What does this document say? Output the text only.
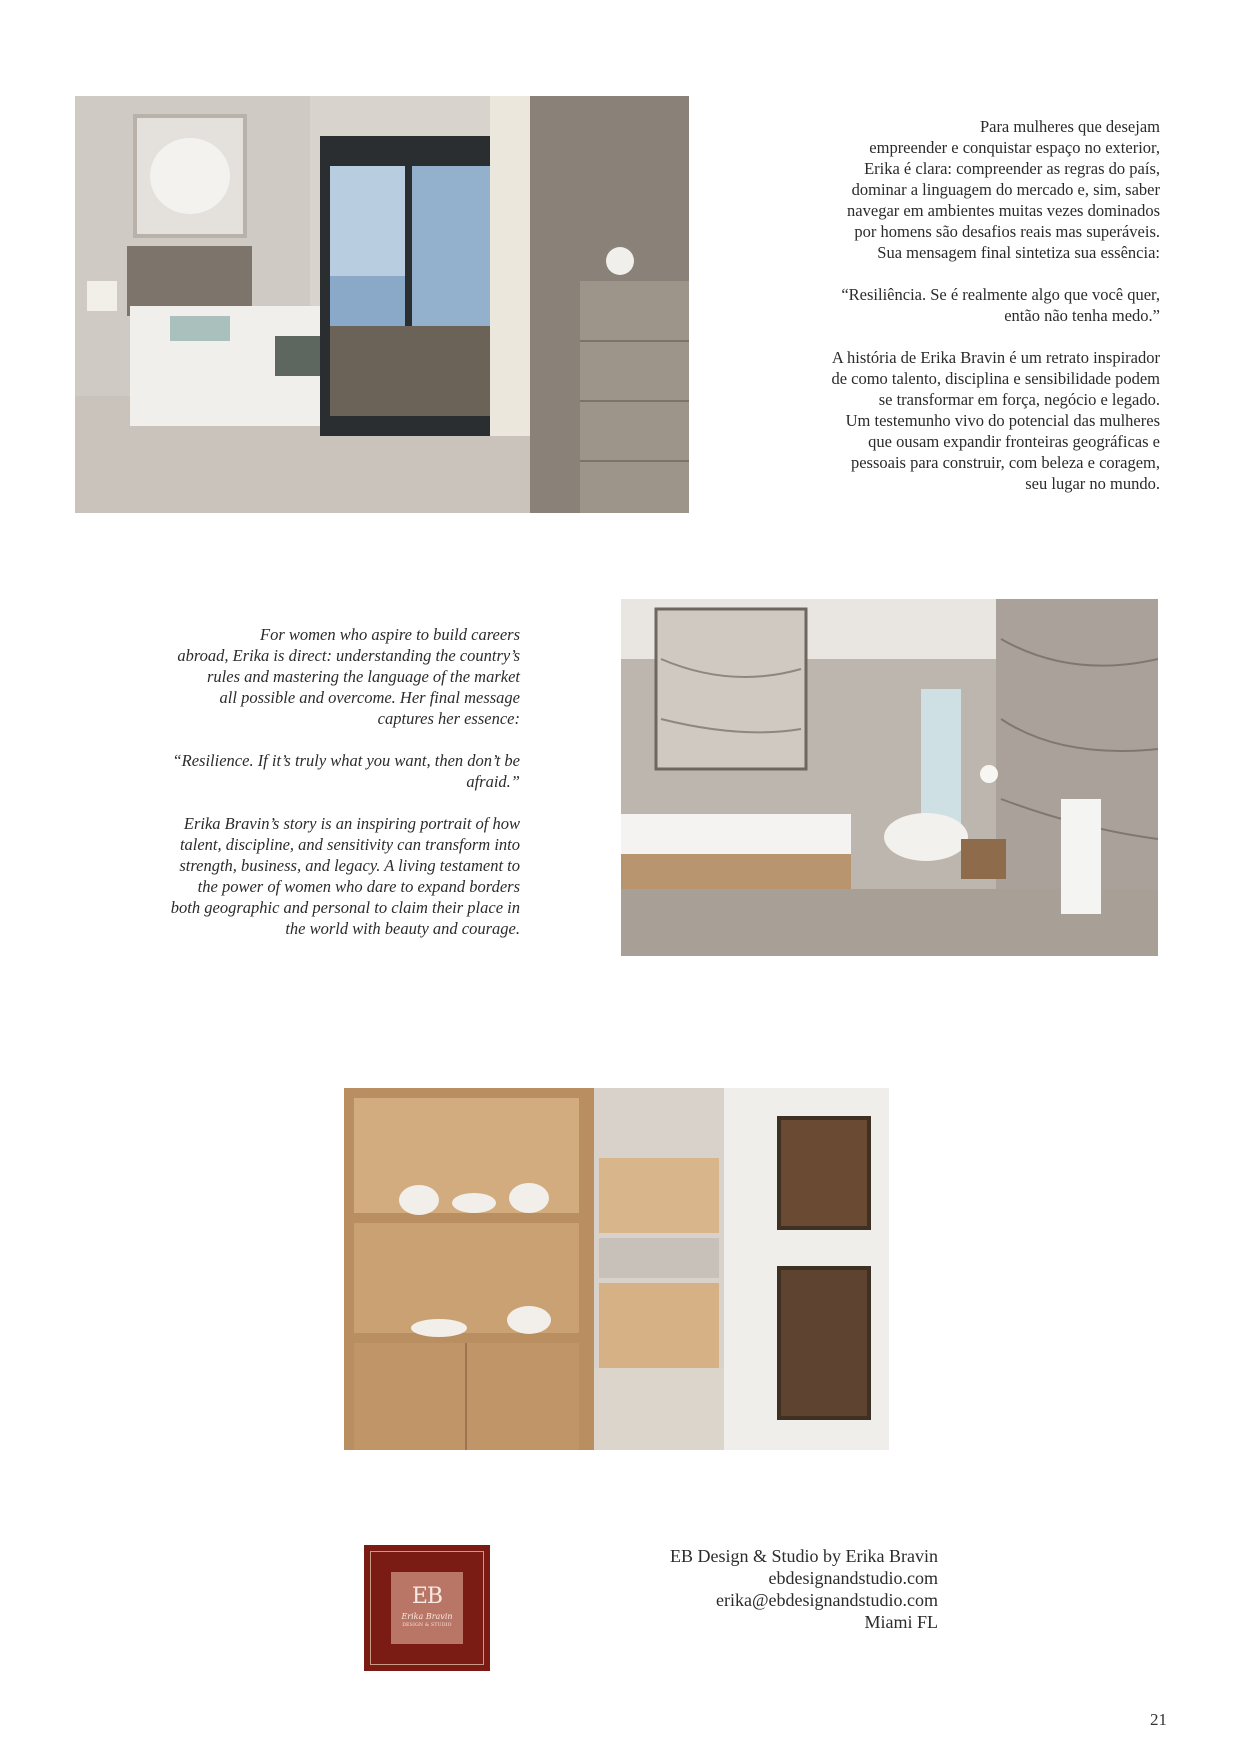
Para mulheres que desejam
empreender e conquistar espaço no exterior,
Erika é clara: compreender as regras do país,
dominar a linguagem do mercado e, sim, saber
navegar em ambientes muitas vezes dominados
por homens são desafios reais mas superáveis.
Sua mensagem final sintetiza sua essência:

“Resiliência. Se é realmente algo que você quer,
então não tenha medo.”

A história de Erika Bravin é um retrato inspirador
de como talento, disciplina e sensibilidade podem
se transformar em força, negócio e legado.
Um testemunho vivo do potencial das mulheres
que ousam expandir fronteiras geográficas e
pessoais para construir, com beleza e coragem,
seu lugar no mundo.

For women who aspire to build careers
abroad, Erika is direct: understanding the country’s
rules and mastering the language of the market
all possible and overcome. Her final message
captures her essence:

“Resilience. If it’s truly what you want, then don’t be
afraid.”

Erika Bravin’s story is an inspiring portrait of how
talent, discipline, and sensitivity can transform into
strength, business, and legacy. A living testament to
the power of women who dare to expand borders
both geographic and personal to claim their place in
the world with beauty and courage.

EB
Erika Bravin
DESIGN & STUDIO
EB Design & Studio by Erika Bravin
ebdesignandstudio.com
erika@ebdesignandstudio.com
Miami FL
21
